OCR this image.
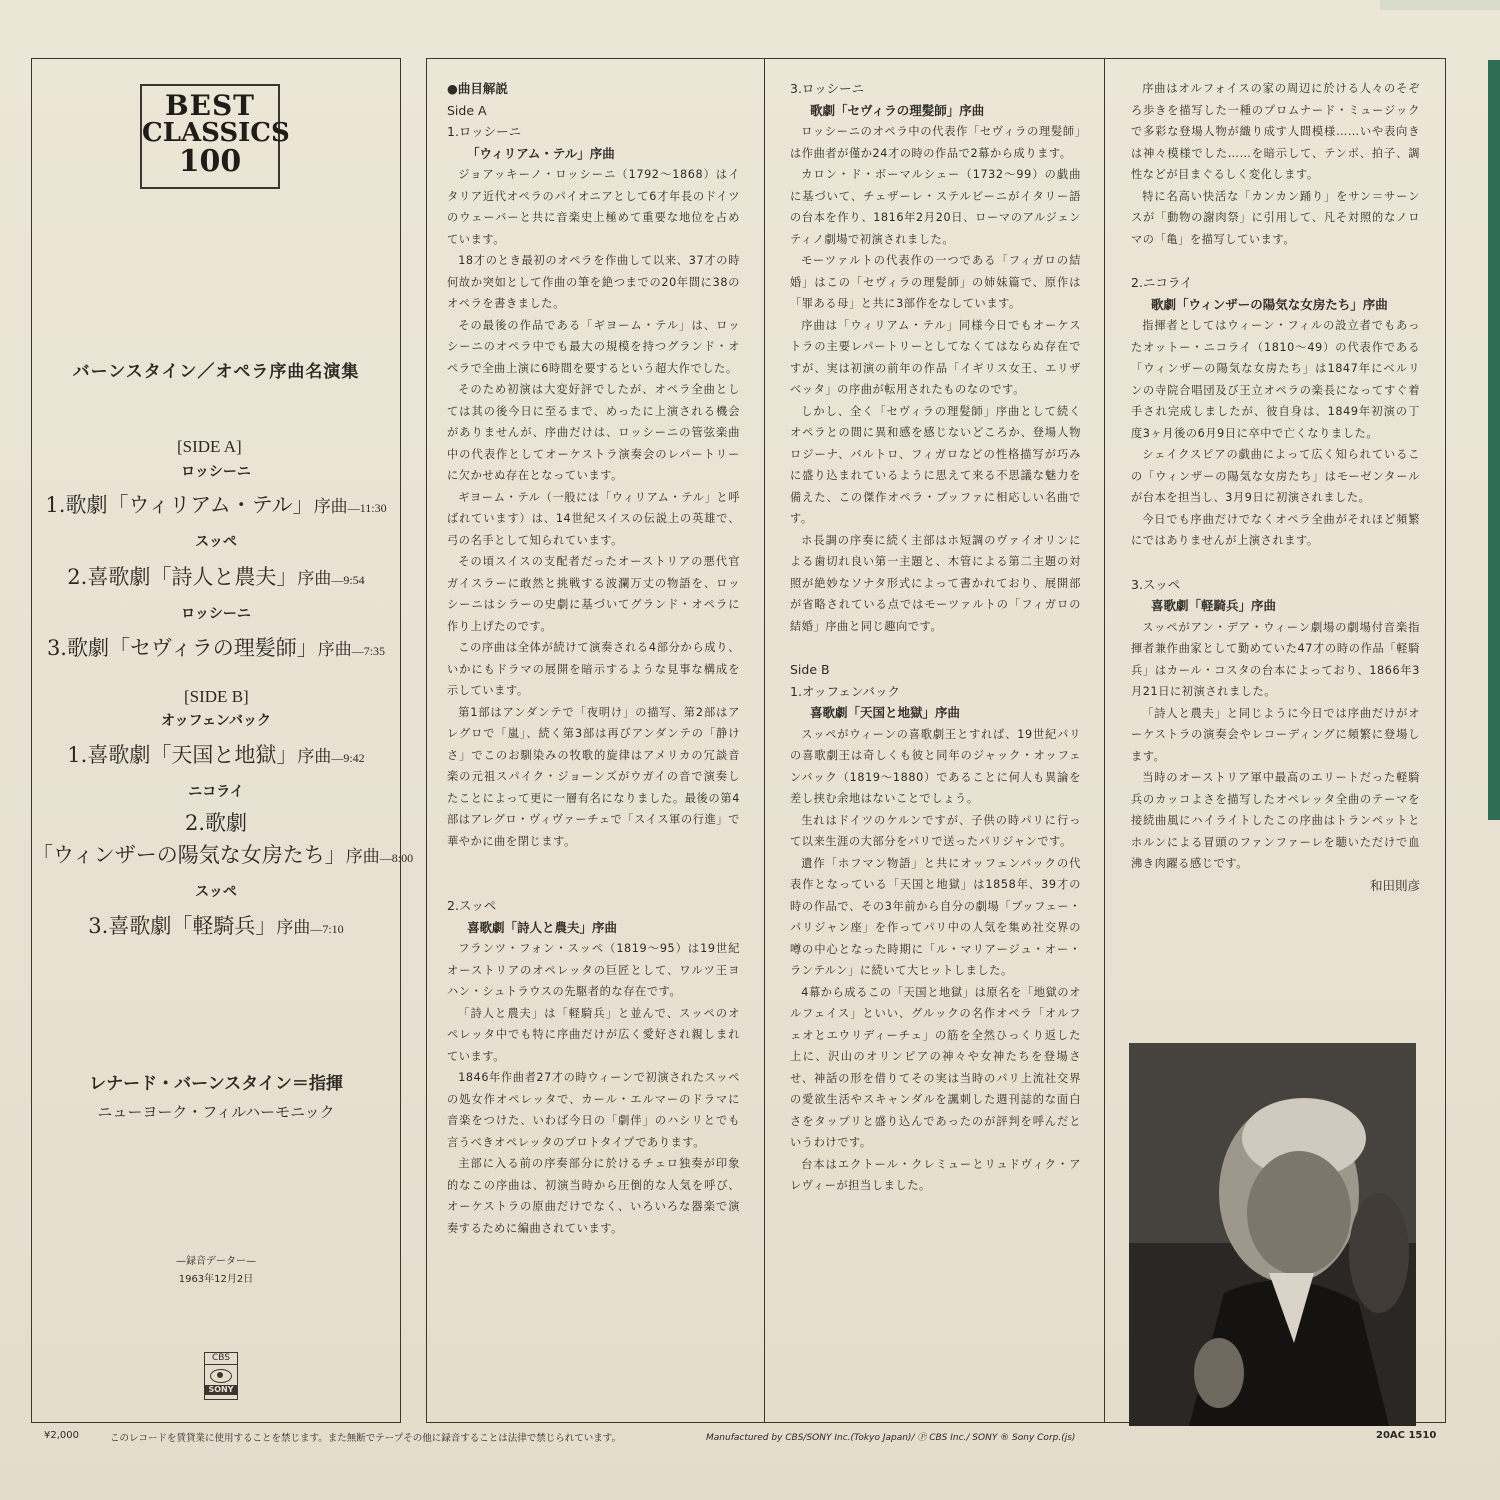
BEST
CLASSICS
100
バーンスタイン／オペラ序曲名演集
[SIDE A]
ロッシーニ
1.歌劇「ウィリアム・テル」序曲—11:30
スッペ
2.喜歌劇「詩人と農夫」序曲—9:54
ロッシーニ
3.歌劇「セヴィラの理髪師」序曲—7:35
[SIDE B]
オッフェンバック
1.喜歌劇「天国と地獄」序曲—9:42
ニコライ
2.歌劇
「ウィンザーの陽気な女房たち」序曲—8:00
スッペ
3.喜歌劇「軽騎兵」序曲—7:10
レナード・バーンスタイン＝指揮
ニューヨーク・フィルハーモニック
—録音データー—
1963年12月2日
CBS
SONY
●曲目解説
Side A
1.ロッシーニ
「ウィリアム・テル」序曲

ジョアッキーノ・ロッシーニ（1792～1868）はイタリア近代オペラのパイオニアとして6才年長のドイツのウェーバーと共に音楽史上極めて重要な地位を占めています。

18才のとき最初のオペラを作曲して以来、37才の時何故か突如として作曲の筆を絶つまでの20年間に38のオペラを書きました。

その最後の作品である「ギヨーム・テル」は、ロッシーニのオペラ中でも最大の規模を持つグランド・オペラで全曲上演に6時間を要するという超大作でした。

そのため初演は大変好評でしたが、オペラ全曲としては其の後今日に至るまで、めったに上演される機会がありませんが、序曲だけは、ロッシーニの管弦楽曲中の代表作としてオーケストラ演奏会のレパートリーに欠かせぬ存在となっています。

ギヨーム・テル（一般には「ウィリアム・テル」と呼ばれています）は、14世紀スイスの伝説上の英雄で、弓の名手として知られています。

その頃スイスの支配者だったオーストリアの悪代官ガイスラーに敢然と挑戦する波瀾万丈の物語を、ロッシーニはシラーの史劇に基づいてグランド・オペラに作り上げたのです。

この序曲は全体が続けて演奏される4部分から成り、いかにもドラマの展開を暗示するような見事な構成を示しています。

第1部はアンダンテで「夜明け」の描写、第2部はアレグロで「嵐」、続く第3部は再びアンダンテの「静けさ」でこのお馴染みの牧歌的旋律はアメリカの冗談音楽の元祖スパイク・ジョーンズがウガイの音で演奏したことによって更に一層有名になりました。最後の第4部はアレグロ・ヴィヴァーチェで「スイス軍の行進」で華やかに曲を閉じます。

2.スッペ
喜歌劇「詩人と農夫」序曲

フランツ・フォン・スッペ（1819～95）は19世紀オーストリアのオペレッタの巨匠として、ワルツ王ヨハン・シュトラウスの先駆者的な存在です。

「詩人と農夫」は「軽騎兵」と並んで、スッペのオペレッタ中でも特に序曲だけが広く愛好され親しまれています。

1846年作曲者27才の時ウィーンで初演されたスッペの処女作オペレッタで、カール・エルマーのドラマに音楽をつけた、いわば今日の「劇伴」のハシリとでも言うべきオペレッタのプロトタイプであります。

主部に入る前の序奏部分に於けるチェロ独奏が印象的なこの序曲は、初演当時から圧倒的な人気を呼び、オーケストラの原曲だけでなく、いろいろな器楽で演奏するために編曲されています。

3.ロッシーニ
歌劇「セヴィラの理髪師」序曲

ロッシーニのオペラ中の代表作「セヴィラの理髪師」は作曲者が僅か24才の時の作品で2幕から成ります。

カロン・ド・ボーマルシェー（1732～99）の戯曲に基づいて、チェザーレ・ステルビーニがイタリー語の台本を作り、1816年2月20日、ローマのアルジェンティノ劇場で初演されました。

モーツァルトの代表作の一つである「フィガロの結婚」はこの「セヴィラの理髪師」の姉妹篇で、原作は「罪ある母」と共に3部作をなしています。

序曲は「ウィリアム・テル」同様今日でもオーケストラの主要レパートリーとしてなくてはならぬ存在ですが、実は初演の前年の作品「イギリス女王、エリザベッタ」の序曲が転用されたものなのです。

しかし、全く「セヴィラの理髪師」序曲として続くオペラとの間に異和感を感じないどころか、登場人物ロジーナ、バルトロ、フィガロなどの性格描写が巧みに盛り込まれているように思えて来る不思議な魅力を備えた、この傑作オペラ・ブッファに相応しい名曲です。

ホ長調の序奏に続く主部はホ短調のヴァイオリンによる歯切れ良い第一主題と、木管による第二主題の対照が絶妙なソナタ形式によって書かれており、展開部が省略されている点ではモーツァルトの「フィガロの結婚」序曲と同じ趣向です。

Side B
1.オッフェンバック
喜歌劇「天国と地獄」序曲

スッペがウィーンの喜歌劇王とすれば、19世紀パリの喜歌劇王は奇しくも彼と同年のジャック・オッフェンバック（1819～1880）であることに何人も異論を差し挟む余地はないことでしょう。

生れはドイツのケルンですが、子供の時パリに行って以来生涯の大部分をパリで送ったパリジャンです。

遺作「ホフマン物語」と共にオッフェンバックの代表作となっている「天国と地獄」は1858年、39才の時の作品で、その3年前から自分の劇場「ブッフェー・パリジャン座」を作ってパリ中の人気を集め社交界の噂の中心となった時期に「ル・マリアージュ・オー・ランテルン」に続いて大ヒットしました。

4幕から成るこの「天国と地獄」は原名を「地獄のオルフェイス」といい、グルックの名作オペラ「オルフェオとエウリディーチェ」の筋を全然ひっくり返した上に、沢山のオリンピアの神々や女神たちを登場させ、神話の形を借りてその実は当時のパリ上流社交界の愛欲生活やスキャンダルを諷刺した週刊誌的な面白さをタップリと盛り込んであったのが評判を呼んだというわけです。

台本はエクトール・クレミューとリュドヴィク・アレヴィーが担当しました。

序曲はオルフォイスの家の周辺に於ける人々のそぞろ歩きを描写した一種のプロムナード・ミュージックで多彩な登場人物が織り成す人間模様……いや表向きは神々模様でした……を暗示して、テンポ、拍子、調性などが目まぐるしく変化します。

特に名高い快活な「カンカン踊り」をサン＝サーンスが「動物の謝肉祭」に引用して、凡そ対照的なノロマの「亀」を描写しています。

2.ニコライ
歌劇「ウィンザーの陽気な女房たち」序曲

指揮者としてはウィーン・フィルの設立者でもあったオットー・ニコライ（1810～49）の代表作である「ウィンザーの陽気な女房たち」は1847年にベルリンの寺院合唱団及び王立オペラの楽長になってすぐ着手され完成しましたが、彼自身は、1849年初演の丁度3ヶ月後の6月9日に卒中で亡くなりました。

シェイクスピアの戯曲によって広く知られているこの「ウィンザーの陽気な女房たち」はモーゼンタールが台本を担当し、3月9日に初演されました。

今日でも序曲だけでなくオペラ全曲がそれほど頻繁にではありませんが上演されます。

3.スッペ
喜歌劇「軽騎兵」序曲

スッペがアン・デア・ウィーン劇場の劇場付音楽指揮者兼作曲家として勤めていた47才の時の作品「軽騎兵」はカール・コスタの台本によっており、1866年3月21日に初演されました。

「詩人と農夫」と同じように今日では序曲だけがオーケストラの演奏会やレコーディングに頻繁に登場します。

当時のオーストリア軍中最高のエリートだった軽騎兵のカッコよさを描写したオペレッタ全曲のテーマを接続曲風にハイライトしたこの序曲はトランペットとホルンによる冒頭のファンファーレを聴いただけで血沸き肉躍る感じです。

和田則彦
¥2,000	このレコードを賃貸業に使用することを禁じます。また無断でテープその他に録音することは法律で禁じられています。	Manufactured by CBS/SONY Inc.(Tokyo Japan)/ Ⓟ CBS Inc./ SONY ® Sony Corp.(js)	20AC 1510
